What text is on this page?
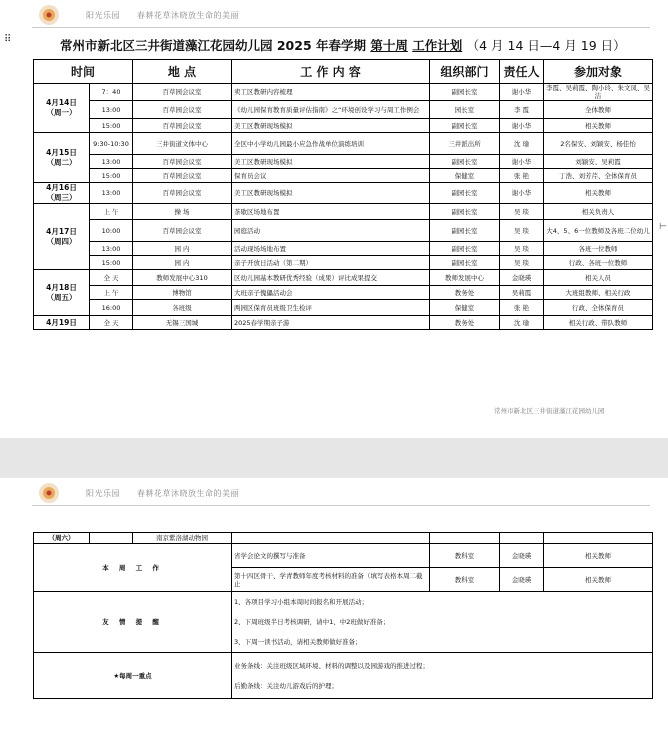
阳光乐园 春耕花草沐晓放生命的美丽
⠿	常州市新北区三井街道藻江花园幼儿园 2025 年春学期 第十周 工作计划 （4 月 14 日—4 月 19 日）
时间		地 点	工 作 内 容	组织部门	责任人	参加对象

4月14日
（周一）	7：40	百草园会议室	卖工区教研内容梳理	副园长室	谢小华	李霞、吴莉霞、陶小玲、朱文凤、吴洁
	13:00	百草园会议室	《幼儿园保育教育质量评估指南》之“环境创设学习与周工作例会	园长室	李 霞	全体教师
	15:00	百草园会议室	美工区教研现场模拟	副园长室	谢小华	相关教师

4月15日
（周二）	9:30-10:30	三井街道文体中心	全区中小学幼儿园最小应急作战单位演练培训	三井派出所	沈 瑜	2名保安、刘颖安、杨佳怡
	13:00	百草园会议室	美工区教研现场模拟	副园长室	谢小华	刘颖安、吴莉霞
	15:00	百草园会议室	保育员会议	保健室	张 艳	丁浩、刘芳芹、全体保育员

4月16日
（周三）	13:00	百草园会议室	美工区教研现场模拟	副园长室	谢小华	相关教师

4月17日
（周四）	上 午	操 场	茶歇区场地布置	副园长室	吴 琰	相关负责人
	10:00	百草园会议室	园庭活动	副园长室	吴 琰	大4、5、6一位教师及各班二位幼儿
	13:00	园 内	活动现场场地布置	副园长室	吴 琰	各班一位教师
	15:00	园 内	亲子开放日活动（第二期）	副园长室	吴 琰	行政、各班一位教师

4月18日
（周五）	全 天	教师发展中心310	区幼儿园基本教研优秀经验（成果）评比成果提交	教师发展中心	金晓瑛	相关人员
	上 午	博物馆	大班亲子傀儡活动会	教务处	吴莉霞	大班组教师、相关行政
	16:00	各班级	两园区保育员班级卫生检评	保健室	张 艳	行政、全体保育员

4月19日	全 天	无锡三国城	2025春学期亲子游	教务处	沈 瑜	相关行政、带队教师
常州市新北区三井街道藻江花园幼儿园
⊢
阳光乐园 春耕花草沐晓放生命的美丽
（周六）		南京紫洛湖动物园				
本 周 工 作			省学会论文的撰写与准备	教科室	金晓瑛	相关教师
			第十四区骨干、学青教师年度考核材料的准备（填写表格本周二截止	教科室	金晓瑛	相关教师
友 情 提 醒			1、各项目学习小组本周时间报名和开展活动；
2、下周班级半日考核调研，请中1、中2班做好准备；
3、下周一读书活动，请相关教师做好准备；			

★每周一重点			业务条线：关注班级区域环境、材料的调整以及园游戏的推进过程；
后勤条线：关注幼儿游戏后的护理；			
